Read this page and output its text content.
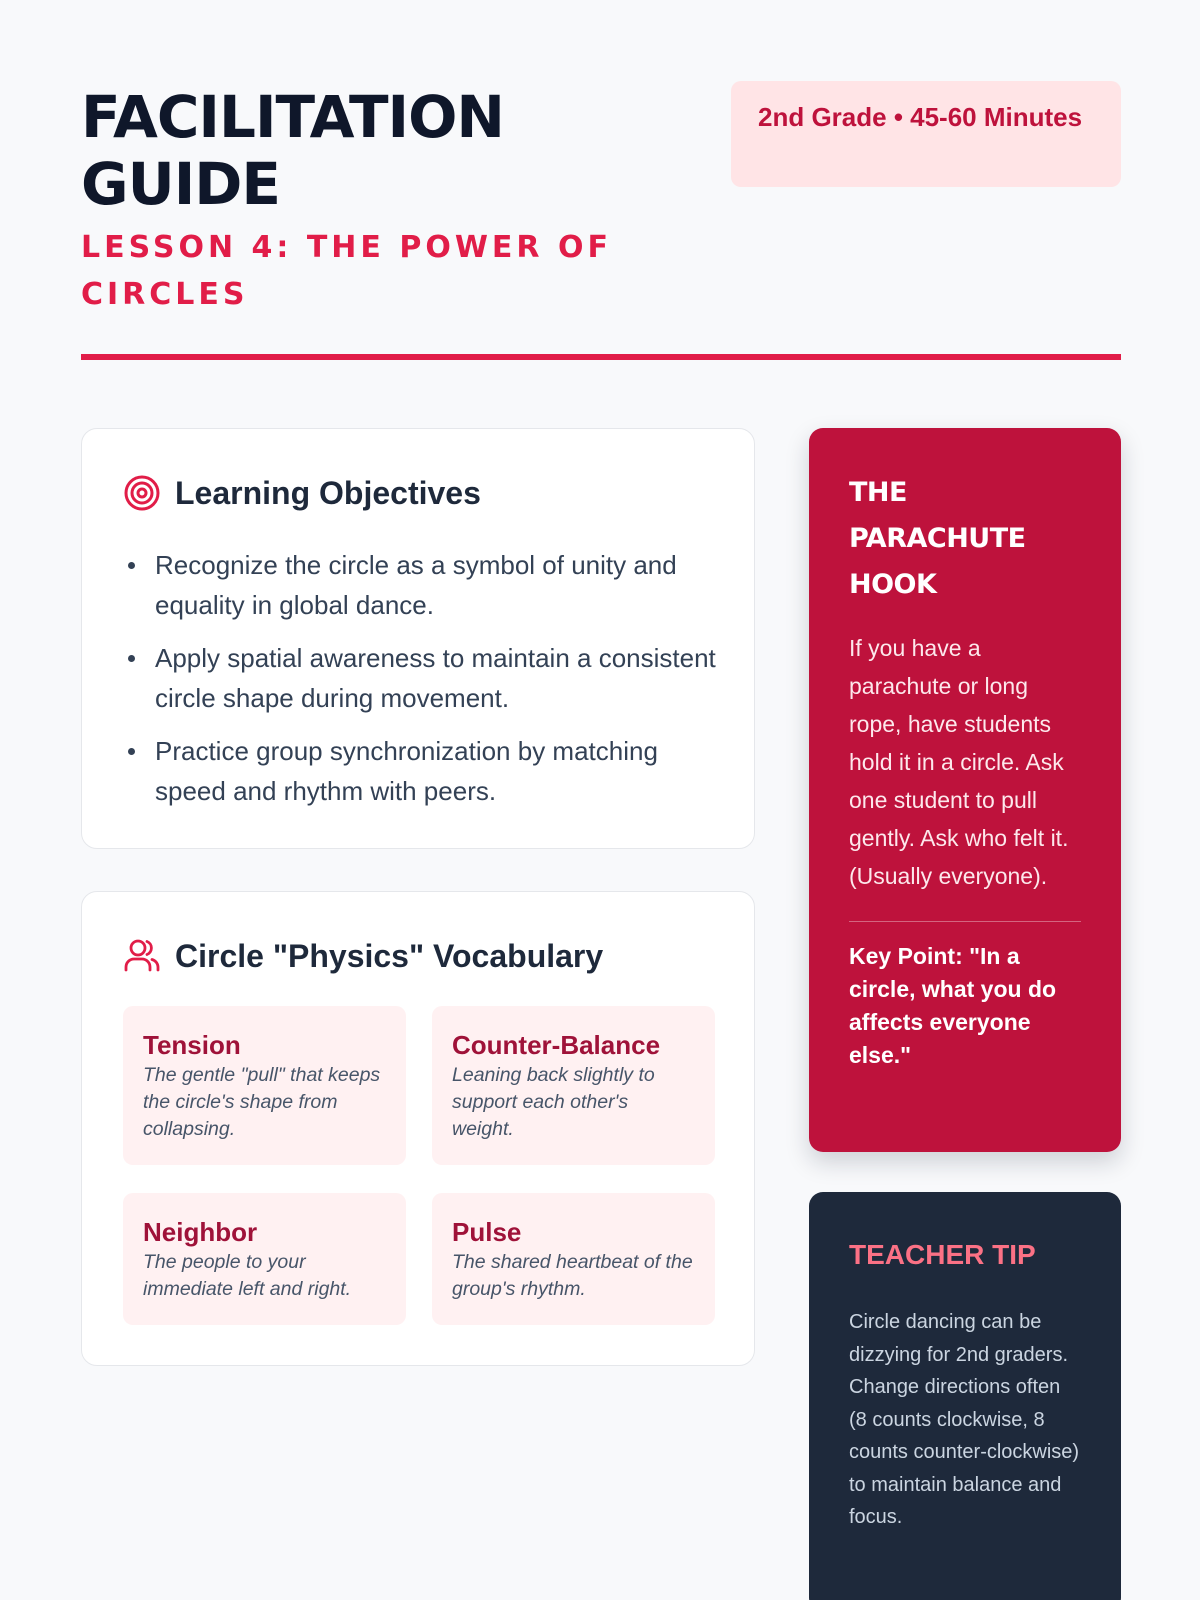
FACILITATION GUIDE
LESSON 4: THE POWER OF CIRCLES
2nd Grade • 45-60 Minutes
Learning Objectives
Recognize the circle as a symbol of unity and equality in global dance.
Apply spatial awareness to maintain a consistent circle shape during movement.
Practice group synchronization by matching speed and rhythm with peers.
Circle "Physics" Vocabulary
Tension
The gentle "pull" that keeps the circle's shape from collapsing.
Counter-Balance
Leaning back slightly to support each other's weight.
Neighbor
The people to your immediate left and right.
Pulse
The shared heartbeat of the group's rhythm.
THE PARACHUTE HOOK
If you have a parachute or long rope, have students hold it in a circle. Ask one student to pull gently. Ask who felt it. (Usually everyone).
Key Point: "In a circle, what you do affects everyone else."
TEACHER TIP
Circle dancing can be dizzying for 2nd graders. Change directions often (8 counts clockwise, 8 counts counter-clockwise) to maintain balance and focus.
